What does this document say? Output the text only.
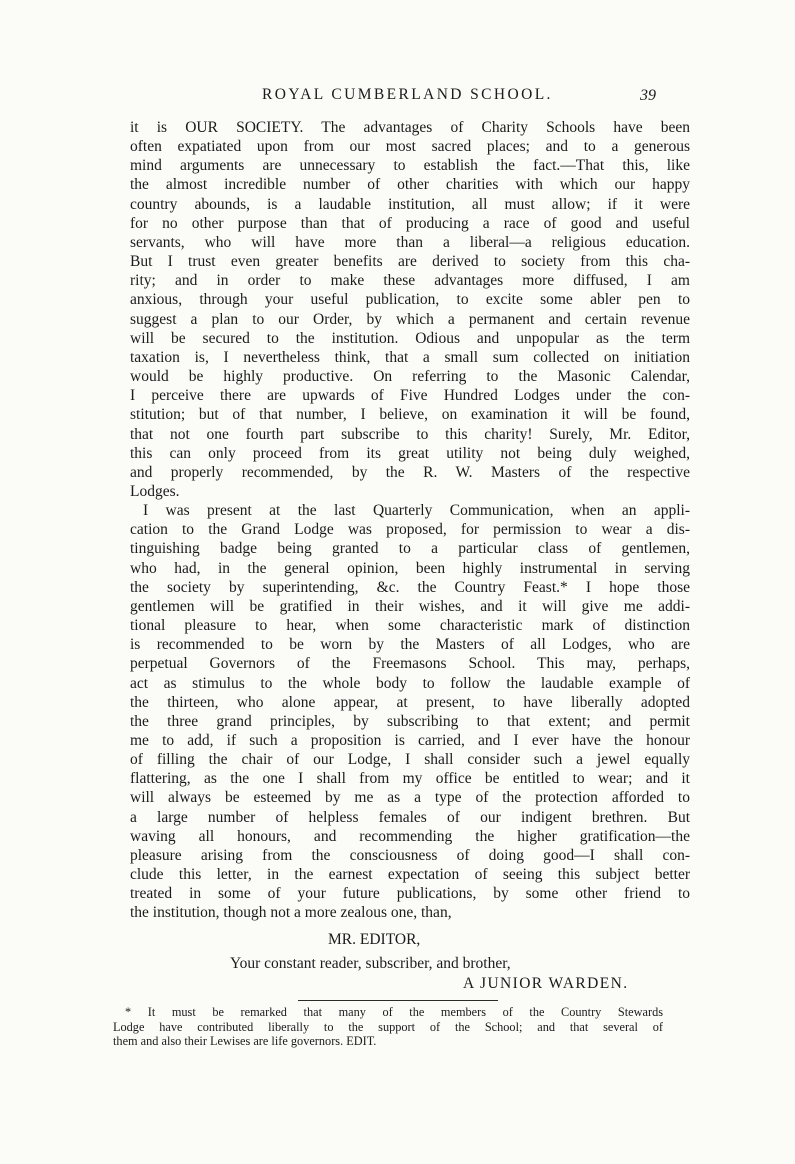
ROYAL CUMBERLAND SCHOOL.	39

it is OUR SOCIETY. The advantages of Charity Schools have been

often expatiated upon from our most sacred places; and to a generous

mind arguments are unnecessary to establish the fact.—That this, like

the almost incredible number of other charities with which our happy

country abounds, is a laudable institution, all must allow; if it were

for no other purpose than that of producing a race of good and useful

servants, who will have more than a liberal—a religious education.

But I trust even greater benefits are derived to society from this cha-

rity; and in order to make these advantages more diffused, I am

anxious, through your useful publication, to excite some abler pen to

suggest a plan to our Order, by which a permanent and certain revenue

will be secured to the institution. Odious and unpopular as the term

taxation is, I nevertheless think, that a small sum collected on initiation

would be highly productive. On referring to the Masonic Calendar,

I perceive there are upwards of Five Hundred Lodges under the con-

stitution; but of that number, I believe, on examination it will be found,

that not one fourth part subscribe to this charity! Surely, Mr. Editor,

this can only proceed from its great utility not being duly weighed,

and properly recommended, by the R. W. Masters of the respective

Lodges.

I was present at the last Quarterly Communication, when an appli-

cation to the Grand Lodge was proposed, for permission to wear a dis-

tinguishing badge being granted to a particular class of gentlemen,

who had, in the general opinion, been highly instrumental in serving

the society by superintending, &c. the Country Feast.* I hope those

gentlemen will be gratified in their wishes, and it will give me addi-

tional pleasure to hear, when some characteristic mark of distinction

is recommended to be worn by the Masters of all Lodges, who are

perpetual Governors of the Freemasons School. This may, perhaps,

act as stimulus to the whole body to follow the laudable example of

the thirteen, who alone appear, at present, to have liberally adopted

the three grand principles, by subscribing to that extent; and permit

me to add, if such a proposition is carried, and I ever have the honour

of filling the chair of our Lodge, I shall consider such a jewel equally

flattering, as the one I shall from my office be entitled to wear; and it

will always be esteemed by me as a type of the protection afforded to

a large number of helpless females of our indigent brethren. But

waving all honours, and recommending the higher gratification—the

pleasure arising from the consciousness of doing good—I shall con-

clude this letter, in the earnest expectation of seeing this subject better

treated in some of your future publications, by some other friend to

the institution, though not a more zealous one, than,

MR. EDITOR,
Your constant reader, subscriber, and brother,
A JUNIOR WARDEN.

* It must be remarked that many of the members of the Country Stewards

Lodge have contributed liberally to the support of the School; and that several of

them and also their Lewises are life governors. EDIT.
